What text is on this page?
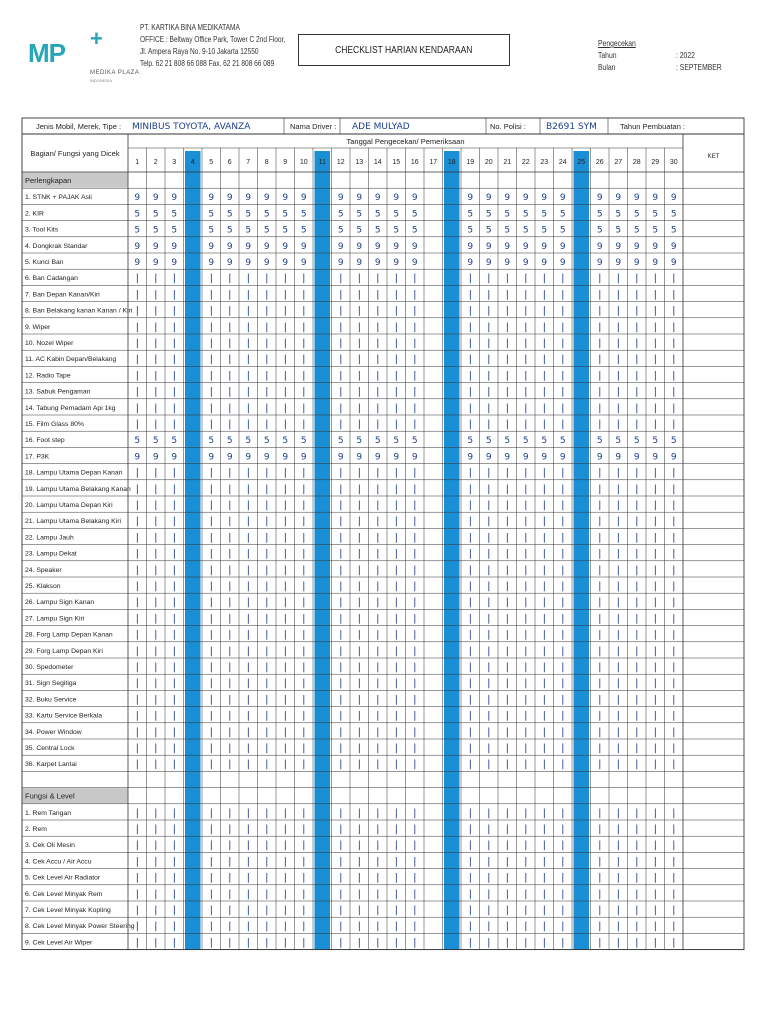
MP +
MEDIKA PLAZA
INDONESIA
PT. KARTIKA BINA MEDIKATAMA
OFFICE : Beltway Office Park, Tower C 2nd Floor,
Jl. Ampera Raya No. 9-10 Jakarta 12550
Telp. 62 21 808 66 088 Fax. 62 21 808 66 089
CHECKLIST HARIAN KENDARAAN
Pengecekan
Tahun	: 2022
Bulan	: SEPTEMBER
Jenis Mobil, Merek, Tipe : MINIBUS TOYOTA, AVANZA	Nama Driver : ADE MULYAD	No. Polisi : B2691 SYM	Tahun Pembuatan :
Bagian/ Fungsi yang Dicek
Tanggal Pengecekan/ Pemeriksaan
KET
1 2 3 4 5 6 7 8 9 10 11 12 13 14 15 16 17 18 19 20 21 22 23 24 25 26 27 28 29 30
Perlengkapan
1. STNK + PAJAK Asli	9 9 9	9 9 9 9 9 9	9 9 9 9 9	9 9 9 9 9 9	9 9 9 9 9
2. KIR	5 5 5	5 5 5 5 5 5	5 5 5 5 5	5 5 5 5 5 5	5 5 5 5 5
3. Tool Kits	5 5 5	5 5 5 5 5 5	5 5 5 5 5	5 5 5 5 5 5	5 5 5 5 5
4. Dongkrak Standar	9 9 9	9 9 9 9 9 9	9 9 9 9 9	9 9 9 9 9 9	9 9 9 9 9
5. Kunci Ban	9 9 9	9 9 9 9 9 9	9 9 9 9 9	9 9 9 9 9 9	9 9 9 9 9
6. Ban Cadangan	| | |	| | | | | |	| | | | |	| | | | | |	| | | | |
7. Ban Depan Kanan/Kiri	| | |	| | | | | |	| | | | |	| | | | | |	| | | | |
8. Ban Belakang kanan Kanan / Kiri | | |	| | | | | |	| | | | |	| | | | | |	| | | | |
9. Wiper	| | |	| | | | | |	| | | | |	| | | | | |	| | | | |
10. Nozel Wiper	| | |	| | | | | |	| | | | |	| | | | | |	| | | | |
11. AC Kabin Depan/Belakang | | |	| | | | | |	| | | | |	| | | | | |	| | | | |
12. Radio Tape	| | |	| | | | | |	| | | | |	| | | | | |	| | | | |
13. Sabuk Pengaman	| | |	| | | | | |	| | | | |	| | | | | |	| | | | |
14. Tabung Pemadam Api 1kg | | |	| | | | | |	| | | | |	| | | | | |	| | | | |
15. Film Glass 80%	| | |	| | | | | |	| | | | |	| | | | | |	| | | | |
16. Foot step	5 5 5	5 5 5 5 5 5	5 5 5 5 5	5 5 5 5 5 5	5 5 5 5 5
17. P3K	9 9 9	9 9 9 9 9 9	9 9 9 9 9	9 9 9 9 9 9	9 9 9 9 9
18. Lampu Utama Depan Kanan | | |	| | | | | |	| | | | |	| | | | | |	| | | | |
19. Lampu Utama Belakang Kanan | | |	| | | | | |	| | | | |	| | | | | |	| | | | |
20. Lampu Utama Depan Kiri | | |	| | | | | |	| | | | |	| | | | | |	| | | | |
21. Lampu Utama Belakang Kiri | | |	| | | | | |	| | | | |	| | | | | |	| | | | |
22. Lampu Jauh	| | |	| | | | | |	| | | | |	| | | | | |	| | | | |
23. Lampu Dekat	| | |	| | | | | |	| | | | |	| | | | | |	| | | | |
24. Speaker	| | |	| | | | | |	| | | | |	| | | | | |	| | | | |
25. Klakson	| | |	| | | | | |	| | | | |	| | | | | |	| | | | |
26. Lampu Sign Kanan	| | |	| | | | | |	| | | | |	| | | | | |	| | | | |
27. Lampu Sign Kiri	| | |	| | | | | |	| | | | |	| | | | | |	| | | | |
28. Forg Lamp Depan Kanan | | |	| | | | | |	| | | | |	| | | | | |	| | | | |
29. Forg Lamp Depan Kiri	| | |	| | | | | |	| | | | |	| | | | | |	| | | | |
30. Spedometer	| | |	| | | | | |	| | | | |	| | | | | |	| | | | |
31. Sign Segitiga	| | |	| | | | | |	| | | | |	| | | | | |	| | | | |
32. Buku Service	| | |	| | | | | |	| | | | |	| | | | | |	| | | | |
33. Kartu Service Berkala	| | |	| | | | | |	| | | | |	| | | | | |	| | | | |
34. Power Window	| | |	| | | | | |	| | | | |	| | | | | |	| | | | |
35. Central Lock	| | |	| | | | | |	| | | | |	| | | | | |	| | | | |
36. Karpet Lantai	| | |	| | | | | |	| | | | |	| | | | | |	| | | | |
Fungsi & Level
1. Rem Tangan	| | |	| | | | | |	| | | | |	| | | | | |	| | | | |
2. Rem	| | |	| | | | | |	| | | | |	| | | | | |	| | | | |
3. Cek Oli Mesin	| | |	| | | | | |	| | | | |	| | | | | |	| | | | |
4. Cek Accu / Air Accu	| | |	| | | | | |	| | | | |	| | | | | |	| | | | |
5. Cek Level Air Radiator	| | |	| | | | | |	| | | | |	| | | | | |	| | | | |
6. Cek Level Minyak Rem	| | |	| | | | | |	| | | | |	| | | | | |	| | | | |
7. Cek Level Minyak Kopling | | |	| | | | | |	| | | | |	| | | | | |	| | | | |
8. Cek Level Minyak Power Steering | | |	| | | | | |	| | | | |	| | | | | |	| | | | |
9. Cek Level Air Wiper	| | |	| | | | | |	| | | | |	| | | | | |	| | | | |
